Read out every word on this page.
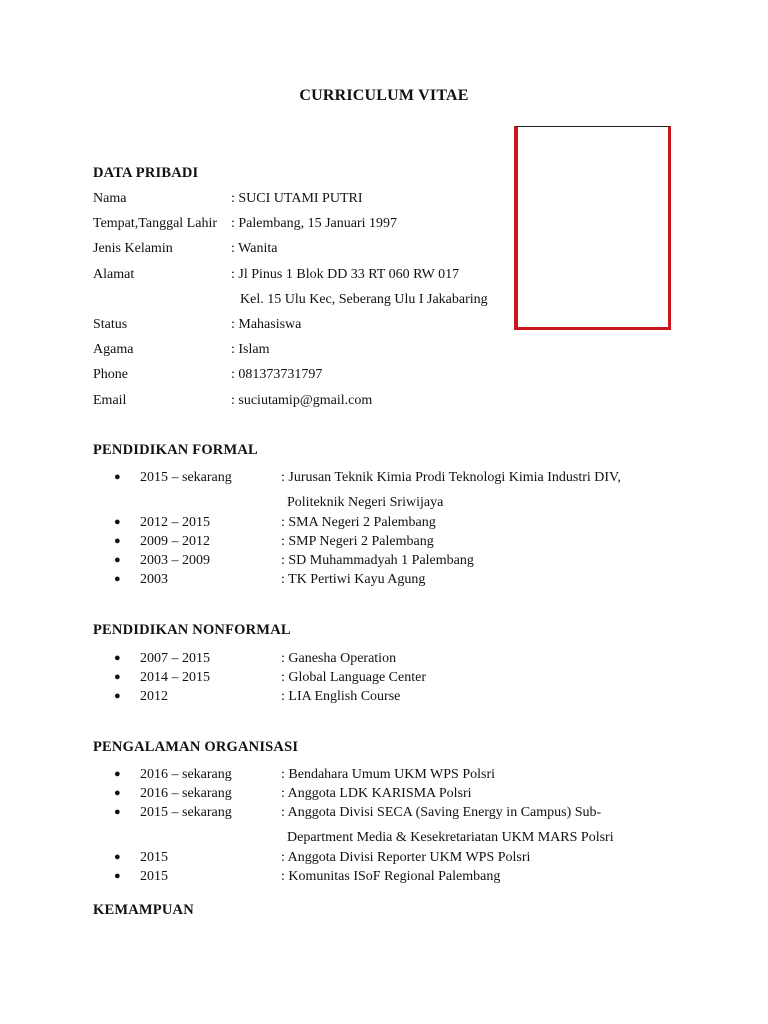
CURRICULUM VITAE
DATA PRIBADI
Nama	: SUCI UTAMI PUTRI
Tempat,Tanggal Lahir : Palembang, 15 Januari 1997
Jenis Kelamin	: Wanita
Alamat	: Jl Pinus 1 Blok DD 33 RT 060 RW 017
Kel. 15 Ulu Kec, Seberang Ulu I Jakabaring
Status	: Mahasiswa
Agama	: Islam
Phone	: 081373731797
Email	: suciutamip@gmail.com
PENDIDIKAN FORMAL
● 2015 – sekarang	: Jurusan Teknik Kimia Prodi Teknologi Kimia Industri DIV,
Politeknik Negeri Sriwijaya
● 2012 – 2015	: SMA Negeri 2 Palembang
● 2009 – 2012	: SMP Negeri 2 Palembang
● 2003 – 2009	: SD Muhammadyah 1 Palembang
● 2003	: TK Pertiwi Kayu Agung
PENDIDIKAN NONFORMAL
● 2007 – 2015	: Ganesha Operation
● 2014 – 2015	: Global Language Center
● 2012	: LIA English Course
PENGALAMAN ORGANISASI
● 2016 – sekarang	: Bendahara Umum UKM WPS Polsri
● 2016 – sekarang	: Anggota LDK KARISMA Polsri
● 2015 – sekarang	: Anggota Divisi SECA (Saving Energy in Campus) Sub-
Department Media & Kesekretariatan UKM MARS Polsri
● 2015	: Anggota Divisi Reporter UKM WPS Polsri
● 2015	: Komunitas ISoF Regional Palembang
KEMAMPUAN
